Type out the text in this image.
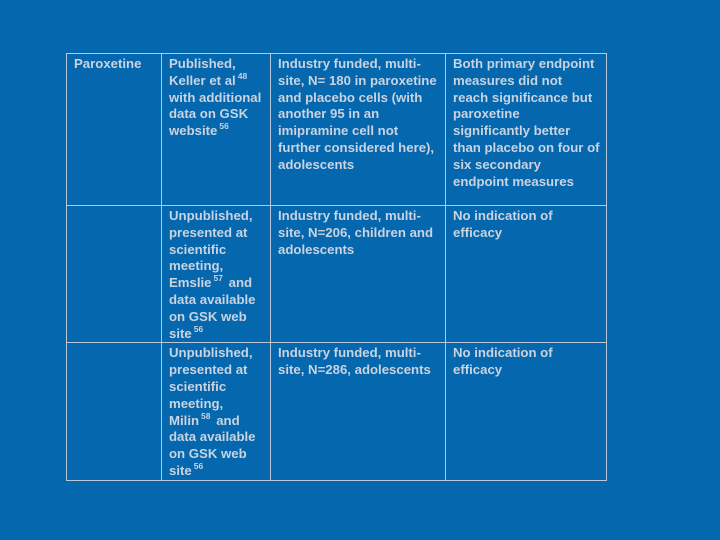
Paroxetine	Published, Keller et al $^{48}$ with additional data on GSK website $^{56}$	Industry funded, multi-site, N= 180 in paroxetine and placebo cells (with another 95 in an imipramine cell not further considered here), adolescents	Both primary endpoint measures did not reach significance but paroxetine significantly better than placebo on four of six secondary endpoint measures
	Unpublished, presented at scientific meeting, Emslie $^{57}$ and data available on GSK web site $^{56}$	Industry funded, multi-site, N=206, children and adolescents	No indication of efficacy
	Unpublished, presented at scientific meeting, Milin $^{58}$ and data available on GSK web site $^{56}$	Industry funded, multi-site, N=286, adolescents	No indication of efficacy
